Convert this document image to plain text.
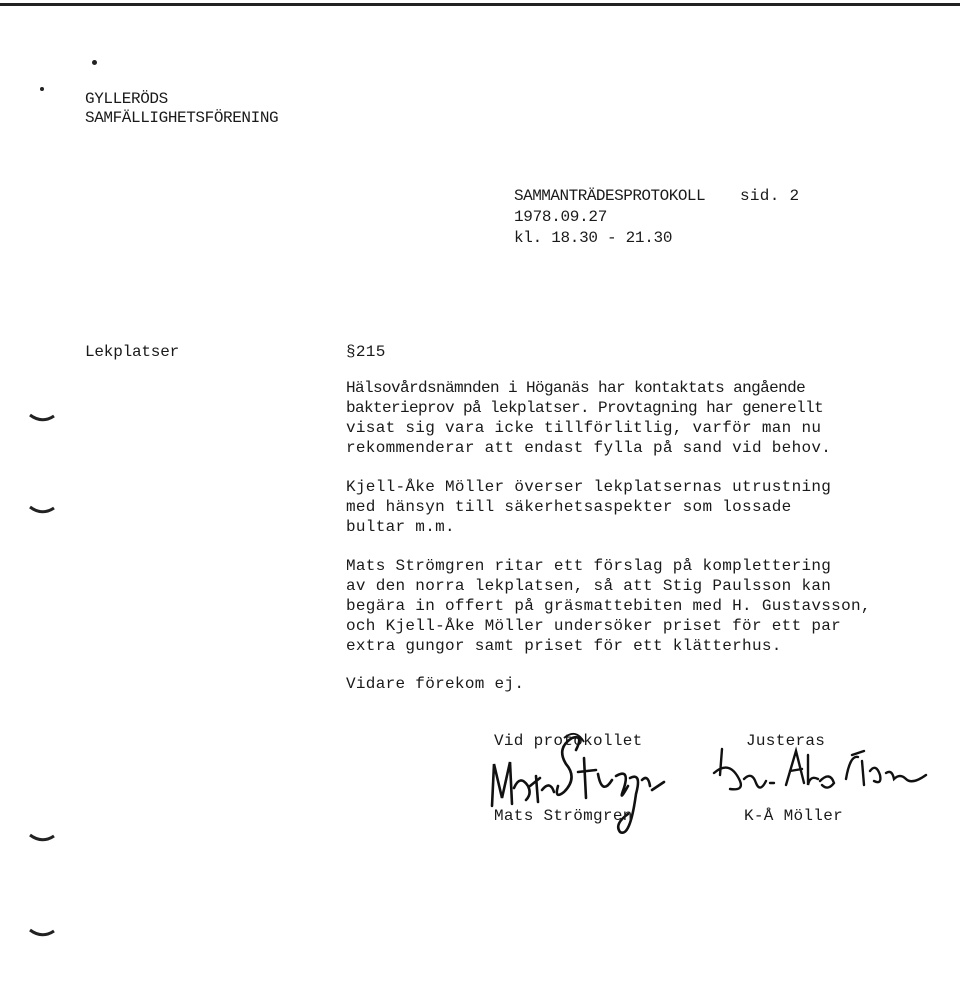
GYLLERÖDS
SAMFÄLLIGHETSFÖRENING
SAMMANTRÄDESPROTOKOLL sid. 2
1978.09.27
kl. 18.30 - 21.30
Lekplatser	§215
Hälsovårdsnämnden i Höganäs har kontaktats angående
bakterieprov på lekplatser. Provtagning har generellt
visat sig vara icke tillförlitlig, varför man nu
rekommenderar att endast fylla på sand vid behov.
Kjell-Åke Möller överser lekplatsernas utrustning
med hänsyn till säkerhetsaspekter som lossade
bultar m.m.
Mats Strömgren ritar ett förslag på komplettering
av den norra lekplatsen, så att Stig Paulsson kan
begära in offert på gräsmattebiten med H. Gustavsson,
och Kjell-Åke Möller undersöker priset för ett par
extra gungor samt priset för ett klätterhus.
Vidare förekom ej.
Vid protokollet	Justeras
Mats Strömgren	K-Å Möller
